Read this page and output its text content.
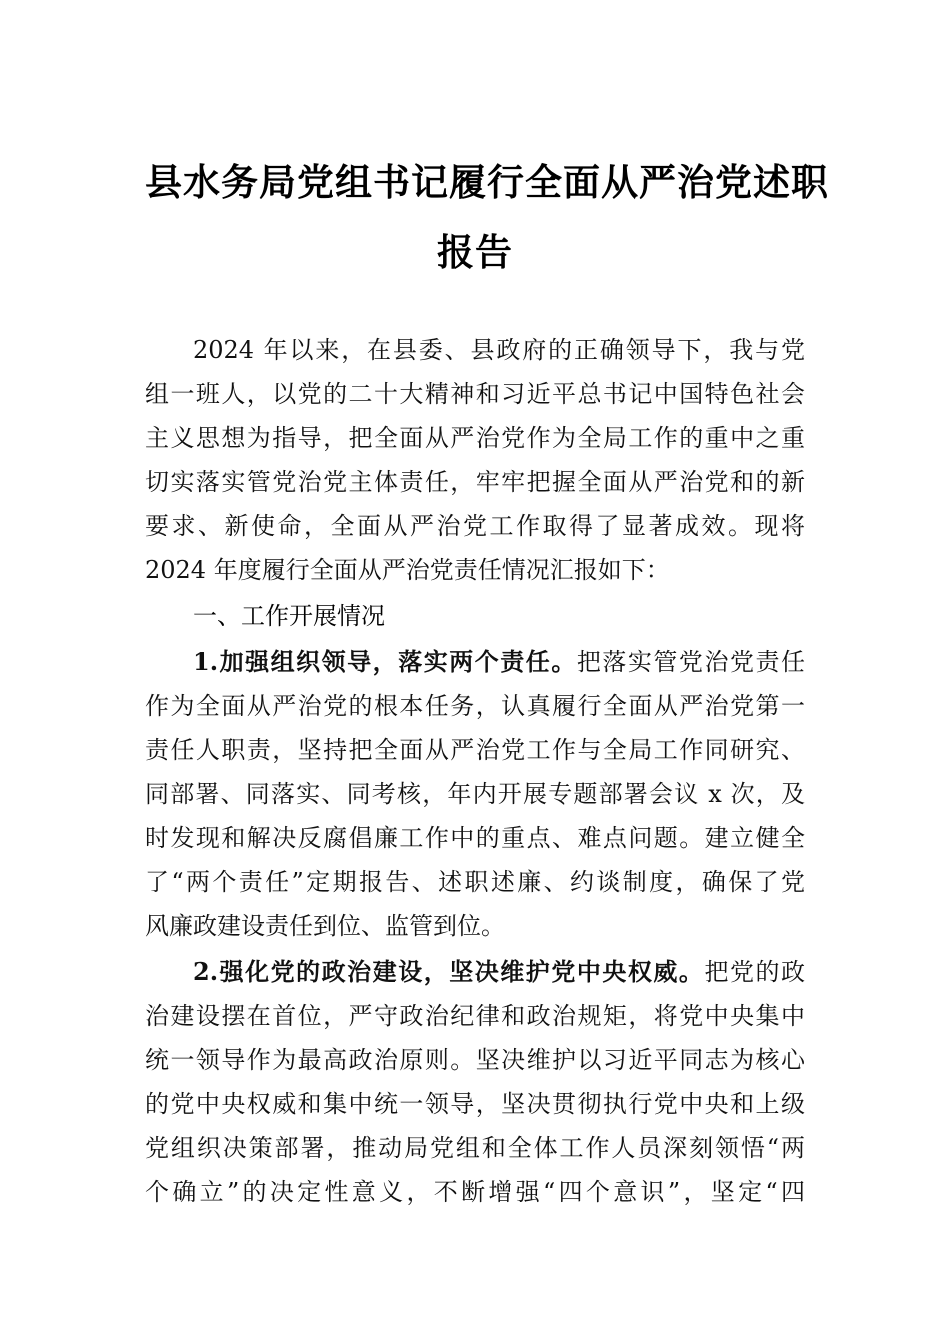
县水务局党组书记履行全面从严治党述职
报告
2024 年以来，在县委、县政府的正确领导下，我与党
组一班人，以党的二十大精神和习近平总书记中国特色社会
主义思想为指导，把全面从严治党作为全局工作的重中之重
切实落实管党治党主体责任，牢牢把握全面从严治党和的新
要求、新使命，全面从严治党工作取得了显著成效。现将
2024 年度履行全面从严治党责任情况汇报如下：
一、工作开展情况
1.加强组织领导，落实两个责任。把落实管党治党责任
作为全面从严治党的根本任务，认真履行全面从严治党第一
责任人职责，坚持把全面从严治党工作与全局工作同研究、
同部署、同落实、同考核，年内开展专题部署会议 x 次，及
时发现和解决反腐倡廉工作中的重点、难点问题。建立健全
了“两个责任”定期报告、述职述廉、约谈制度，确保了党
风廉政建设责任到位、监管到位。
2.强化党的政治建设，坚决维护党中央权威。把党的政
治建设摆在首位，严守政治纪律和政治规矩，将党中央集中
统一领导作为最高政治原则。坚决维护以习近平同志为核心
的党中央权威和集中统一领导，坚决贯彻执行党中央和上级
党组织决策部署，推动局党组和全体工作人员深刻领悟“两
个确立”的决定性意义，不断增强“四个意识”，坚定“四
